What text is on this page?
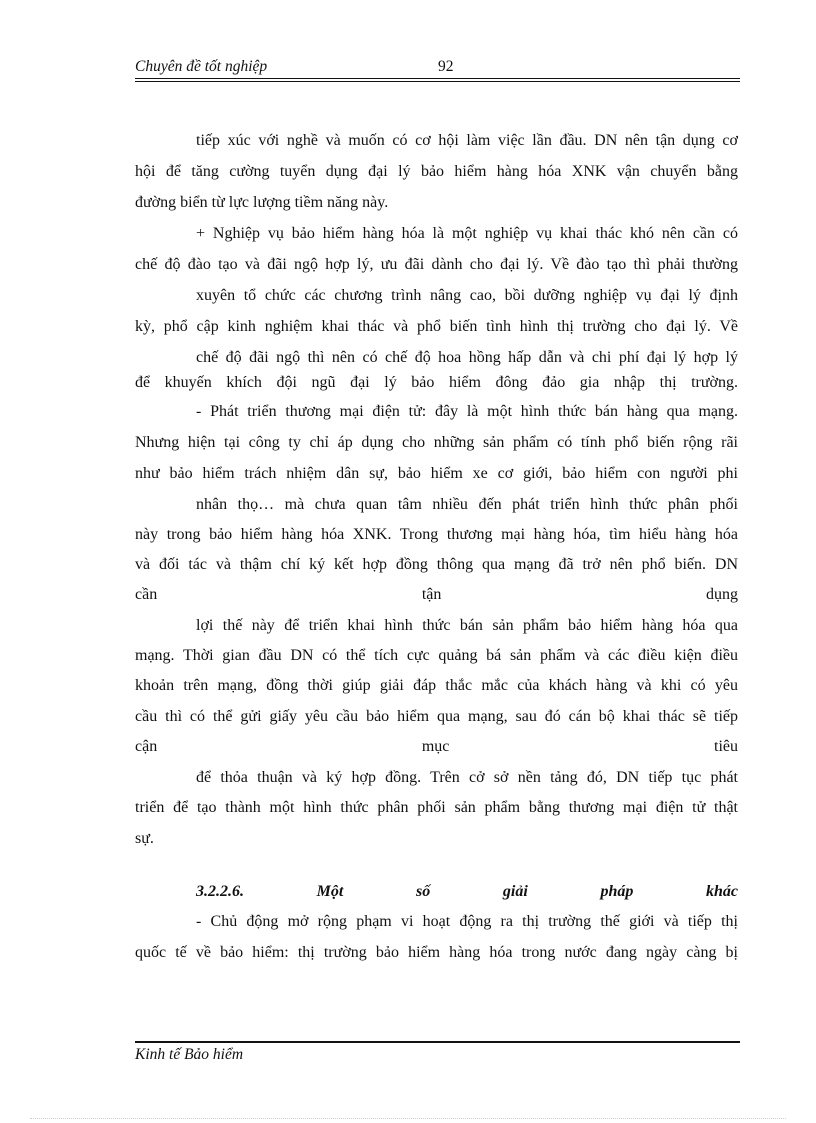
Chuyên đề tốt nghiệp	92
tiếp xúc với nghề và muốn có cơ hội làm việc lần đầu. DN nên tận dụng cơ
hội để tăng cường tuyển dụng đại lý bảo hiểm hàng hóa XNK vận chuyển bằng
đường biển từ lực lượng tiềm năng này.
+ Nghiệp vụ bảo hiểm hàng hóa là một nghiệp vụ khai thác khó nên cần có
chế độ đào tạo và đãi ngộ hợp lý, ưu đãi dành cho đại lý. Về đào tạo thì phải thường
xuyên tổ chức các chương trình nâng cao, bồi dưỡng nghiệp vụ đại lý định
kỳ, phổ cập kinh nghiệm khai thác và phổ biến tình hình thị trường cho đại lý. Về
chế độ đãi ngộ thì nên có chế độ hoa hồng hấp dẫn và chi phí đại lý hợp lý
để khuyến khích đội ngũ đại lý bảo hiểm đông đảo gia nhập thị trường.
- Phát triển thương mại điện tử: đây là một hình thức bán hàng qua mạng.
Nhưng hiện tại công ty chỉ áp dụng cho những sản phẩm có tính phổ biến rộng rãi
như bảo hiểm trách nhiệm dân sự, bảo hiểm xe cơ giới, bảo hiểm con người phi
nhân thọ… mà chưa quan tâm nhiều đến phát triển hình thức phân phối
này trong bảo hiểm hàng hóa XNK. Trong thương mại hàng hóa, tìm hiểu hàng hóa
và đối tác và thậm chí ký kết hợp đồng thông qua mạng đã trở nên phổ biến. DN
cần tận dụng
lợi thế này để triển khai hình thức bán sản phẩm bảo hiểm hàng hóa qua
mạng. Thời gian đầu DN có thể tích cực quảng bá sản phẩm và các điều kiện điều
khoản trên mạng, đồng thời giúp giải đáp thắc mắc của khách hàng và khi có yêu
cầu thì có thể gửi giấy yêu cầu bảo hiểm qua mạng, sau đó cán bộ khai thác sẽ tiếp
cận mục tiêu
để thỏa thuận và ký hợp đồng. Trên cở sở nền tảng đó, DN tiếp tục phát
triển để tạo thành một hình thức phân phối sản phẩm bằng thương mại điện tử thật
sự.
3.2.2.6. Một số giải pháp khác
- Chủ động mở rộng phạm vi hoạt động ra thị trường thế giới và tiếp thị
quốc tế về bảo hiểm: thị trường bảo hiểm hàng hóa trong nước đang ngày càng bị
Kinh tế Bảo hiểm
